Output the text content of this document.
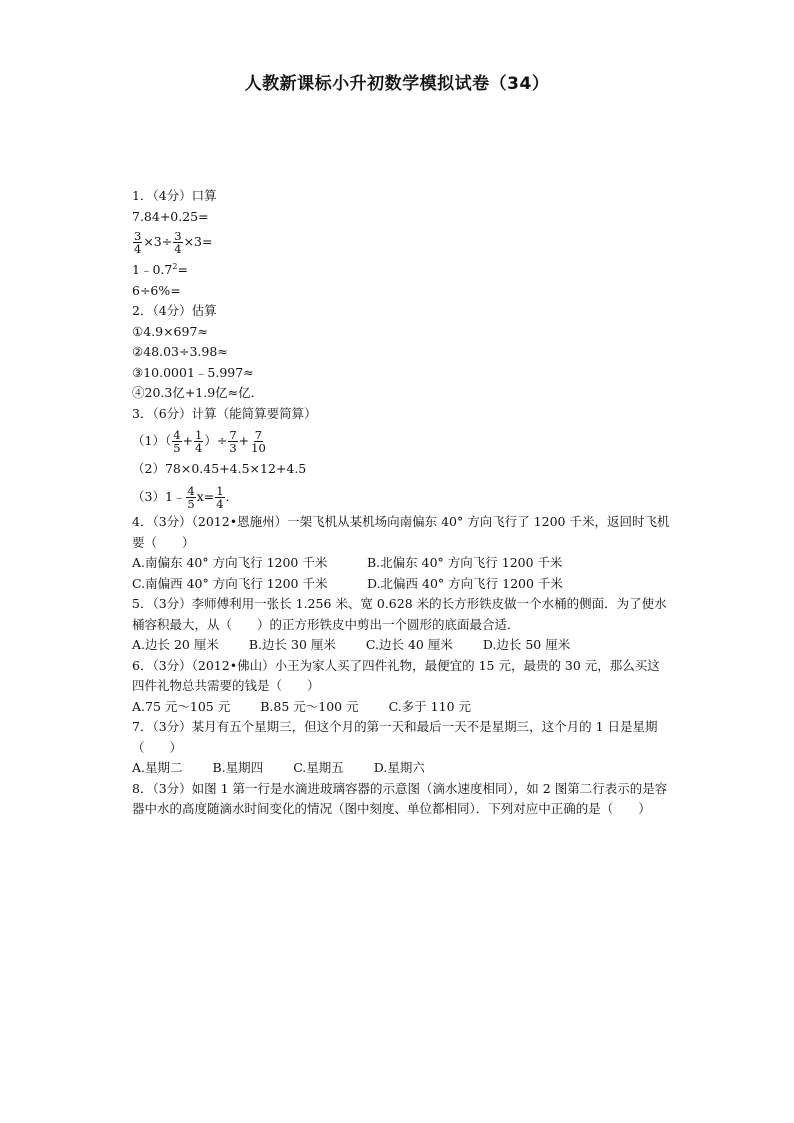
人教新课标小升初数学模拟试卷（34）
1．（4分）口算
7.84+0.25=
$\frac{3}{4} \times 3\div \frac{3}{4} \times 3=$
$1﹣0.7^2=$
6÷6%=
2．（4分）估算
①4.9×697≈
②48.03÷3.98≈
③10.0001﹣5.997≈
④20.3亿+1.9亿≈亿．
3．（6分）计算（能简算要简算）
$(1)( \frac{4}{5} + \frac{1}{4}$ ）÷ $\frac{7}{3} + \frac{7}{10}$
（2）78×0.45+4.5×12+4.5
（3）1﹣ $\frac{4}{5} x= \frac{1}{4}$ ．
4．（3分）（2012•恩施州）一架飞机从某机场向南偏东 40° 方向飞行了 1200 千米，返回时飞机要（　　）
A.南偏东 40° 方向飞行 1200 千米	B.北偏东 40° 方向飞行 1200 千米
C.南偏西 40° 方向飞行 1200 千米	D.北偏西 40° 方向飞行 1200 千米
5．（3分）李师傅利用一张长 1.256 米、宽 0.628 米的长方形铁皮做一个水桶的侧面．为了使水桶容积最大，从（　　）的正方形铁皮中剪出一个圆形的底面最合适．
A.边长 20 厘米 B.边长 30 厘米 C.边长 40 厘米 D.边长 50 厘米
6．（3分）（2012•佛山）小王为家人买了四件礼物，最便宜的 15 元，最贵的 30 元，那么买这四件礼物总共需要的钱是（　　）
A.75 元～105 元 B.85 元～100 元 C.多于 110 元
7．（3分）某月有五个星期三，但这个月的第一天和最后一天不是星期三，这个月的 1 日是星期（　　）
A.星期二 B.星期四 C.星期五 D.星期六
8．（3分）如图 1 第一行是水滴进玻璃容器的示意图（滴水速度相同），如 2 图第二行表示的是容器中水的高度随滴水时间变化的情况（图中刻度、单位都相同）．下列对应中正确的是（　　）
